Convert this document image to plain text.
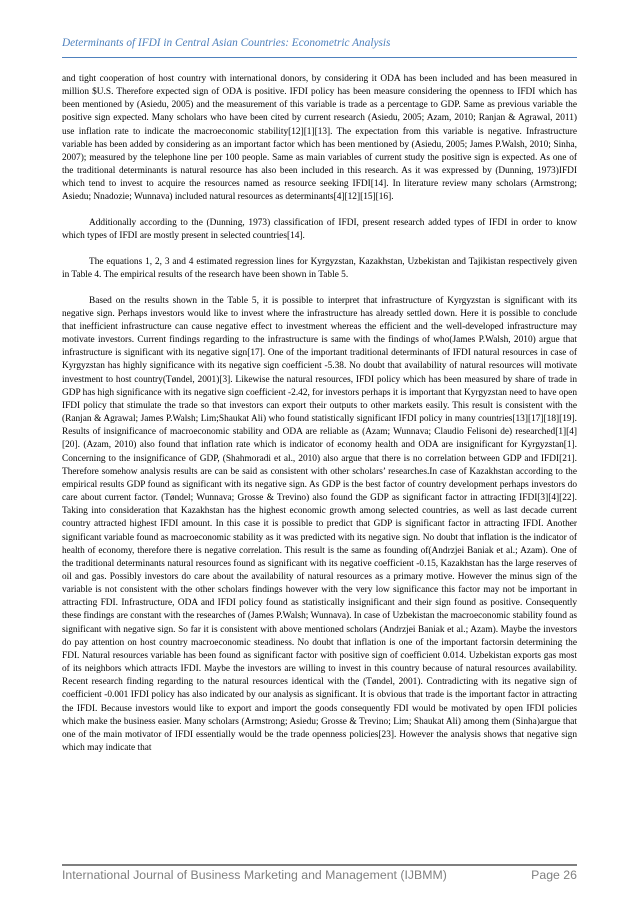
Determinants of IFDI in Central Asian Countries: Econometric Analysis

and tight cooperation of host country with international donors, by considering it ODA has been included and has been measured in million $U.S. Therefore expected sign of ODA is positive. IFDI policy has been measure considering the openness to IFDI which has been mentioned by (Asiedu, 2005) and the measurement of this variable is trade as a percentage to GDP. Same as previous variable the positive sign expected. Many scholars who have been cited by current research (Asiedu, 2005; Azam, 2010; Ranjan & Agrawal, 2011) use inflation rate to indicate the macroeconomic stability[12][1][13]. The expectation from this variable is negative. Infrastructure variable has been added by considering as an important factor which has been mentioned by (Asiedu, 2005; James P.Walsh, 2010; Sinha, 2007); measured by the telephone line per 100 people. Same as main variables of current study the positive sign is expected. As one of the traditional determinants is natural resource has also been included in this research. As it was expressed by (Dunning, 1973)IFDI which tend to invest to acquire the resources named as resource seeking IFDI[14]. In literature review many scholars (Armstrong; Asiedu; Nnadozie; Wunnava) included natural resources as determinants[4][12][15][16].

Additionally according to the (Dunning, 1973) classification of IFDI, present research added types of IFDI in order to know which types of IFDI are mostly present in selected countries[14].

The equations 1, 2, 3 and 4 estimated regression lines for Kyrgyzstan, Kazakhstan, Uzbekistan and Tajikistan respectively given in Table 4. The empirical results of the research have been shown in Table 5.

Based on the results shown in the Table 5, it is possible to interpret that infrastructure of Kyrgyzstan is significant with its negative sign. Perhaps investors would like to invest where the infrastructure has already settled down. Here it is possible to conclude that inefficient infrastructure can cause negative effect to investment whereas the efficient and the well-developed infrastructure may motivate investors. Current findings regarding to the infrastructure is same with the findings of who(James P.Walsh, 2010) argue that infrastructure is significant with its negative sign[17]. One of the important traditional determinants of IFDI natural resources in case of Kyrgyzstan has highly significance with its negative sign coefficient -5.38. No doubt that availability of natural resources will motivate investment to host country(Tøndel, 2001)[3]. Likewise the natural resources, IFDI policy which has been measured by share of trade in GDP has high significance with its negative sign coefficient -2.42, for investors perhaps it is important that Kyrgyzstan need to have open IFDI policy that stimulate the trade so that investors can export their outputs to other markets easily. This result is consistent with the (Ranjan & Agrawal; James P.Walsh; Lim;Shaukat Ali) who found statistically significant IFDI policy in many countries[13][17][18][19]. Results of insignificance of macroeconomic stability and ODA are reliable as (Azam; Wunnava; Claudio Felisoni de) researched[1][4][20]. (Azam, 2010) also found that inflation rate which is indicator of economy health and ODA are insignificant for Kyrgyzstan[1]. Concerning to the insignificance of GDP, (Shahmoradi et al., 2010) also argue that there is no correlation between GDP and IFDI[21]. Therefore somehow analysis results are can be said as consistent with other scholars’ researches.In case of Kazakhstan according to the empirical results GDP found as significant with its negative sign. As GDP is the best factor of country development perhaps investors do care about current factor. (Tøndel; Wunnava; Grosse & Trevino) also found the GDP as significant factor in attracting IFDI[3][4][22]. Taking into consideration that Kazakhstan has the highest economic growth among selected countries, as well as last decade current country attracted highest IFDI amount. In this case it is possible to predict that GDP is significant factor in attracting IFDI. Another significant variable found as macroeconomic stability as it was predicted with its negative sign. No doubt that inflation is the indicator of health of economy, therefore there is negative correlation. This result is the same as founding of(Andrzjei Baniak et al.; Azam). One of the traditional determinants natural resources found as significant with its negative coefficient -0.15, Kazakhstan has the large reserves of oil and gas. Possibly investors do care about the availability of natural resources as a primary motive. However the minus sign of the variable is not consistent with the other scholars findings however with the very low significance this factor may not be important in attracting FDI. Infrastructure, ODA and IFDI policy found as statistically insignificant and their sign found as positive. Consequently these findings are constant with the researches of (James P.Walsh; Wunnava). In case of Uzbekistan the macroeconomic stability found as significant with negative sign. So far it is consistent with above mentioned scholars (Andrzjei Baniak et al.; Azam). Maybe the investors do pay attention on host country macroeconomic steadiness. No doubt that inflation is one of the important factorsin determining the FDI. Natural resources variable has been found as significant factor with positive sign of coefficient 0.014. Uzbekistan exports gas most of its neighbors which attracts IFDI. Maybe the investors are willing to invest in this country because of natural resources availability. Recent research finding regarding to the natural resources identical with the (Tøndel, 2001). Contradicting with its negative sign of coefficient -0.001 IFDI policy has also indicated by our analysis as significant. It is obvious that trade is the important factor in attracting the IFDI. Because investors would like to export and import the goods consequently FDI would be motivated by open IFDI policies which make the business easier. Many scholars (Armstrong; Asiedu; Grosse & Trevino; Lim; Shaukat Ali) among them (Sinha)argue that one of the main motivator of IFDI essentially would be the trade openness policies[23]. However the analysis shows that negative sign which may indicate that

International Journal of Business Marketing and Management (IJBMM)	Page 26
